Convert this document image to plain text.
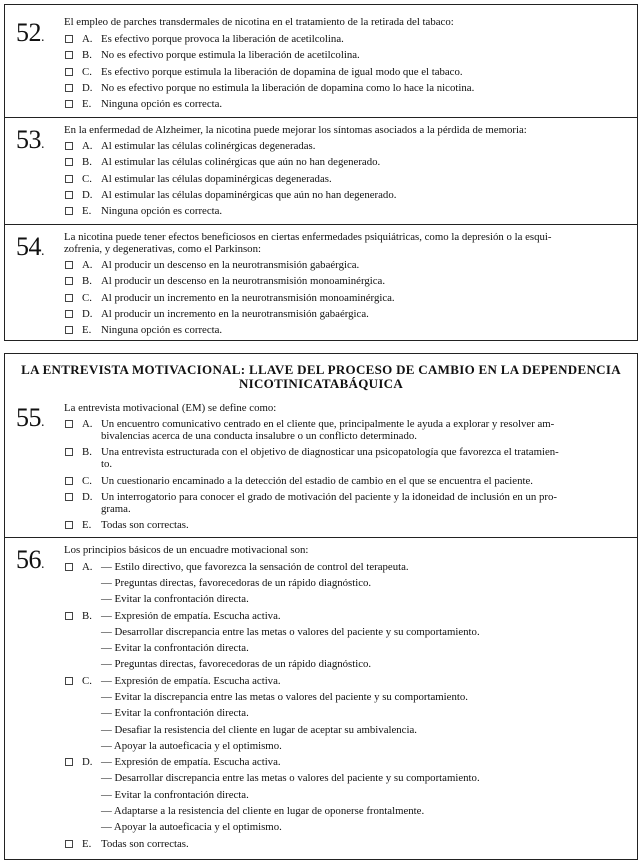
52.
El empleo de parches transdermales de nicotina en el tratamiento de la retirada del tabaco:
A. Es efectivo porque provoca la liberación de acetilcolina.
B. No es efectivo porque estimula la liberación de acetilcolina.
C. Es efectivo porque estimula la liberación de dopamina de igual modo que el tabaco.
D. No es efectivo porque no estimula la liberación de dopamina como lo hace la nicotina.
E. Ninguna opción es correcta.
53.
En la enfermedad de Alzheimer, la nicotina puede mejorar los síntomas asociados a la pérdida de memoria:
A. Al estimular las células colinérgicas degeneradas.
B. Al estimular las células colinérgicas que aún no han degenerado.
C. Al estimular las células dopaminérgicas degeneradas.
D. Al estimular las células dopaminérgicas que aún no han degenerado.
E. Ninguna opción es correcta.
54.
La nicotina puede tener efectos beneficiosos en ciertas enfermedades psiquiátricas, como la depresión o la esqui-
zofrenia, y degenerativas, como el Parkinson:
A. Al producir un descenso en la neurotransmisión gabaérgica.
B. Al producir un descenso en la neurotransmisión monoaminérgica.
C. Al producir un incremento en la neurotransmisión monoaminérgica.
D. Al producir un incremento en la neurotransmisión gabaérgica.
E. Ninguna opción es correcta.
LA ENTREVISTA MOTIVACIONAL: LLAVE DEL PROCESO DE CAMBIO EN LA DEPENDENCIA
NICOTINICATABÁQUICA
55.
La entrevista motivacional (EM) se define como:
A. Un encuentro comunicativo centrado en el cliente que, principalmente le ayuda a explorar y resolver am-
bivalencias acerca de una conducta insalubre o un conflicto determinado.
B. Una entrevista estructurada con el objetivo de diagnosticar una psicopatología que favorezca el tratamien-
to.
C. Un cuestionario encaminado a la detección del estadio de cambio en el que se encuentra el paciente.
D. Un interrogatorio para conocer el grado de motivación del paciente y la idoneidad de inclusión en un pro-
grama.
E. Todas son correctas.
56.
Los principios básicos de un encuadre motivacional son:
A. — Estilo directivo, que favorezca la sensación de control del terapeuta.
— Preguntas directas, favorecedoras de un rápido diagnóstico.
— Evitar la confrontación directa.
B. — Expresión de empatía. Escucha activa.
— Desarrollar discrepancia entre las metas o valores del paciente y su comportamiento.
— Evitar la confrontación directa.
— Preguntas directas, favorecedoras de un rápido diagnóstico.
C. — Expresión de empatía. Escucha activa.
— Evitar la discrepancia entre las metas o valores del paciente y su comportamiento.
— Evitar la confrontación directa.
— Desafiar la resistencia del cliente en lugar de aceptar su ambivalencia.
— Apoyar la autoeficacia y el optimismo.
D. — Expresión de empatía. Escucha activa.
— Desarrollar discrepancia entre las metas o valores del paciente y su comportamiento.
— Evitar la confrontación directa.
— Adaptarse a la resistencia del cliente en lugar de oponerse frontalmente.
— Apoyar la autoeficacia y el optimismo.
E. Todas son correctas.
